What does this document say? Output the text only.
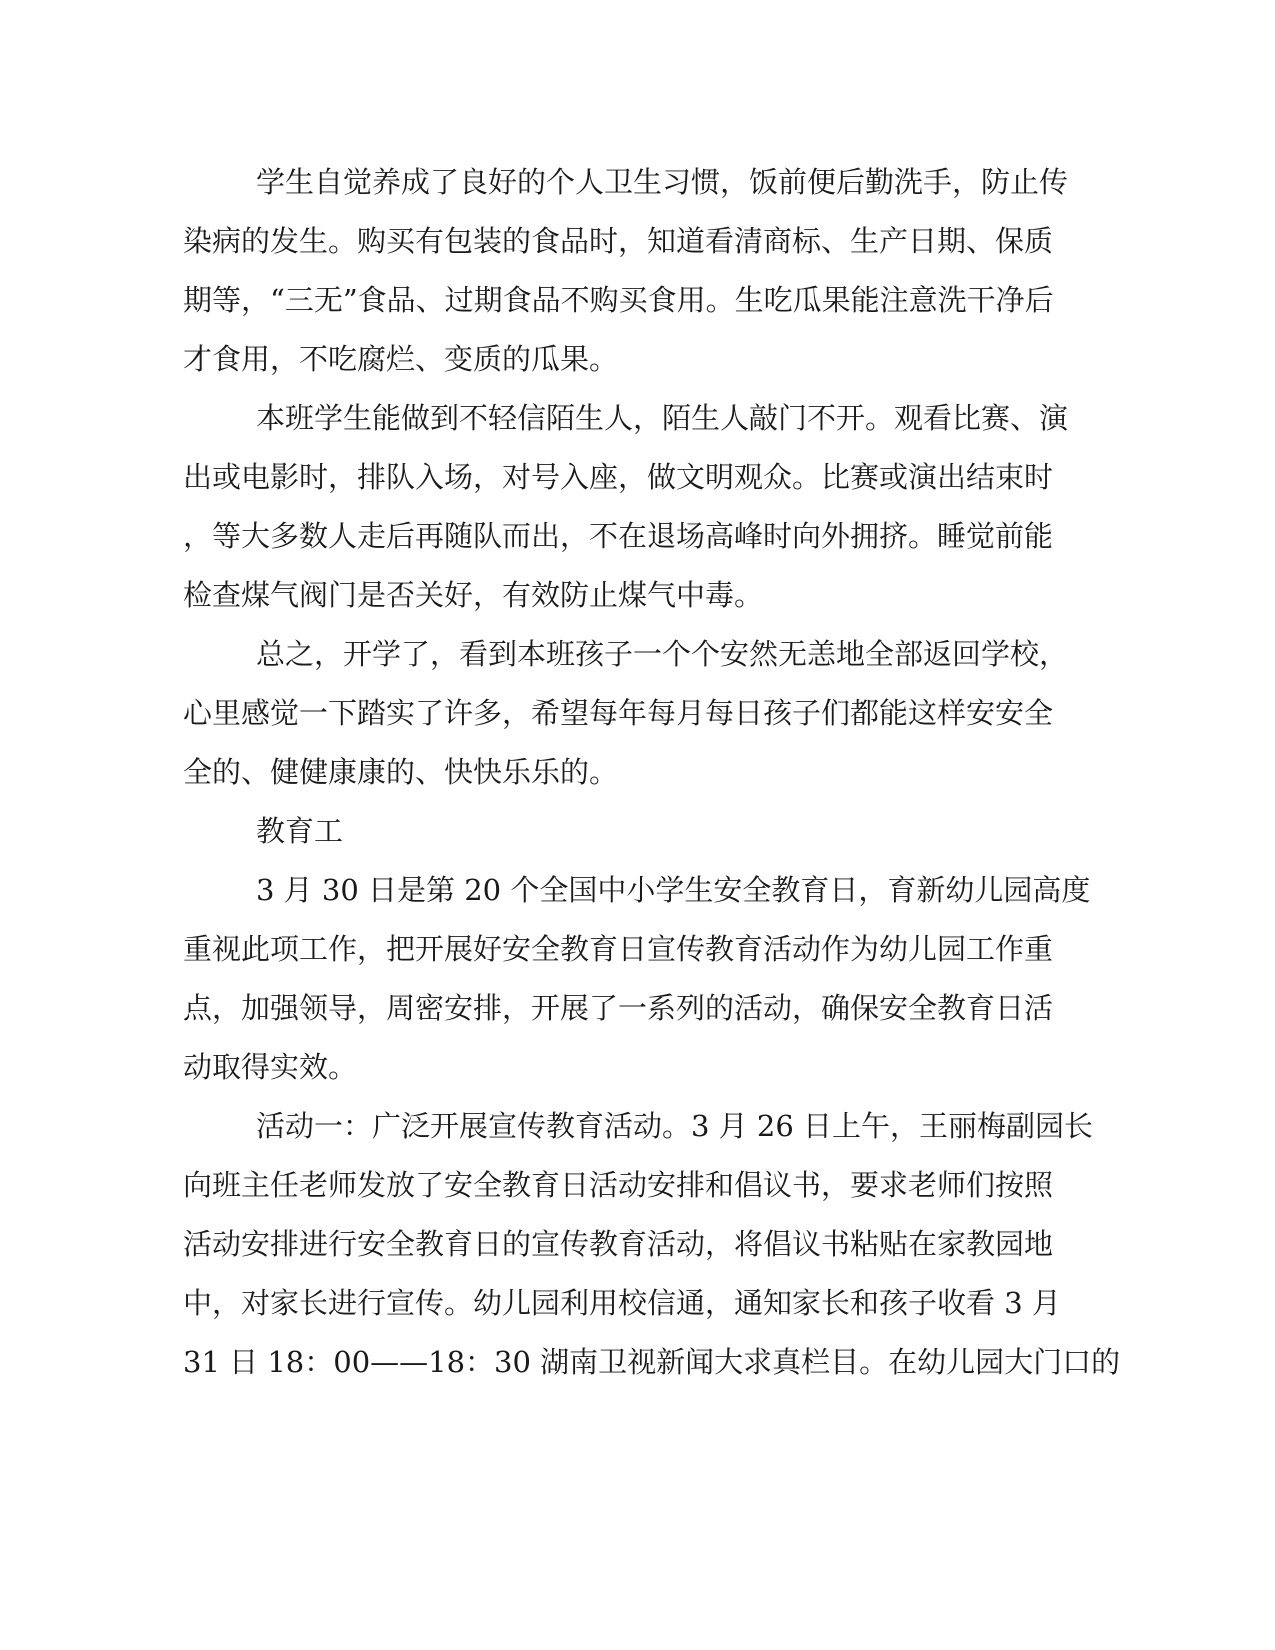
学生自觉养成了良好的个人卫生习惯，饭前便后勤洗手，防止传
染病的发生。购买有包装的食品时，知道看清商标、生产日期、保质
期等，“三无”食品、过期食品不购买食用。生吃瓜果能注意洗干净后
才食用，不吃腐烂、变质的瓜果。
本班学生能做到不轻信陌生人，陌生人敲门不开。观看比赛、演
出或电影时，排队入场，对号入座，做文明观众。比赛或演出结束时
，等大多数人走后再随队而出，不在退场高峰时向外拥挤。睡觉前能
检查煤气阀门是否关好，有效防止煤气中毒。
总之，开学了，看到本班孩子一个个安然无恙地全部返回学校，
心里感觉一下踏实了许多，希望每年每月每日孩子们都能这样安安全
全的、健健康康的、快快乐乐的。
教育工
3 月 30 日是第 20 个全国中小学生安全教育日，育新幼儿园高度
重视此项工作，把开展好安全教育日宣传教育活动作为幼儿园工作重
点，加强领导，周密安排，开展了一系列的活动，确保安全教育日活
动取得实效。
活动一：广泛开展宣传教育活动。3 月 26 日上午，王丽梅副园长
向班主任老师发放了安全教育日活动安排和倡议书，要求老师们按照
活动安排进行安全教育日的宣传教育活动，将倡议书粘贴在家教园地
中，对家长进行宣传。幼儿园利用校信通，通知家长和孩子收看 3 月
31 日 18：00——18：30 湖南卫视新闻大求真栏目。在幼儿园大门口的
